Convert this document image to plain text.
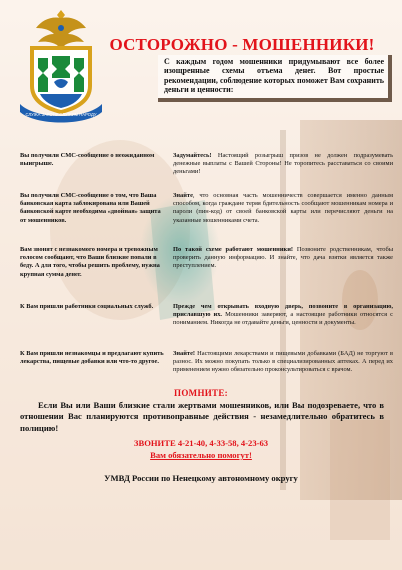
СЛУЖА ЗАКОНУ СЛУЖИМ НАРОДУ
ОСТОРОЖНО - МОШЕННИКИ!
С каждым годом мошенники придумывают все более изощренные схемы отъема денег. Вот простые рекомендации, соблюдение которых поможет Вам сохранить деньги и ценности:
Вы получили СМС-сообщение о неожиданном выигрыше.
Задумайтесь! Настоящий розыгрыш призов не должен подразумевать денежные выплаты с Вашей Стороны! Не торопитесь расставаться со своими деньгами!
Вы получили СМС-сообщение о том, что Ваша банковская карта заблокирована или Вашей банковской карте необходима «двойная» защита от мошенников.
Знайте, что основная часть мошенничеств совершается именно данным способом, когда граждане теряя бдительность сообщают мошенникам номера и пароли (пин-код) от своей банковской карты или перечисляют деньги на указанные мошенниками счета.
Вам звонят с незнакомого номера и тревожным голосом сообщают, что Ваши близкие попали в беду. А для того, чтобы решить проблему, нужна крупная сумма денег.
По такой схеме работают мошенники! Позвоните родственникам, чтобы проверить данную информацию. И знайте, что дача взятки является также преступлением.
К Вам пришли работники социальных служб.	Прежде чем открывать входную дверь, позвоните в организацию, приславшую их. Мошенники заверяют, а настоящие работники относятся с пониманием. Никогда не отдавайте деньги, ценности и документы.
К Вам пришли незнакомцы и предлагают купить лекарства, пищевые добавки или что-то другое.
Знайте! Настоящими лекарствами и пищевыми добавками (БАД) не торгуют в разнос. Их можно покупать только в специализированных аптеках. А перед их применением нужно обязательно проконсультироваться с врачом.
ПОМНИТЕ:
Если Вы или Ваши близкие стали жертвами мошенников, или Вы подозреваете, что в отношении Вас планируются противоправные действия - незамедлительно обратитесь в полицию!
ЗВОНИТЕ 4-21-40, 4-33-58, 4-23-63
Вам обязательно помогут!
УМВД России по Ненецкому автономному округу
